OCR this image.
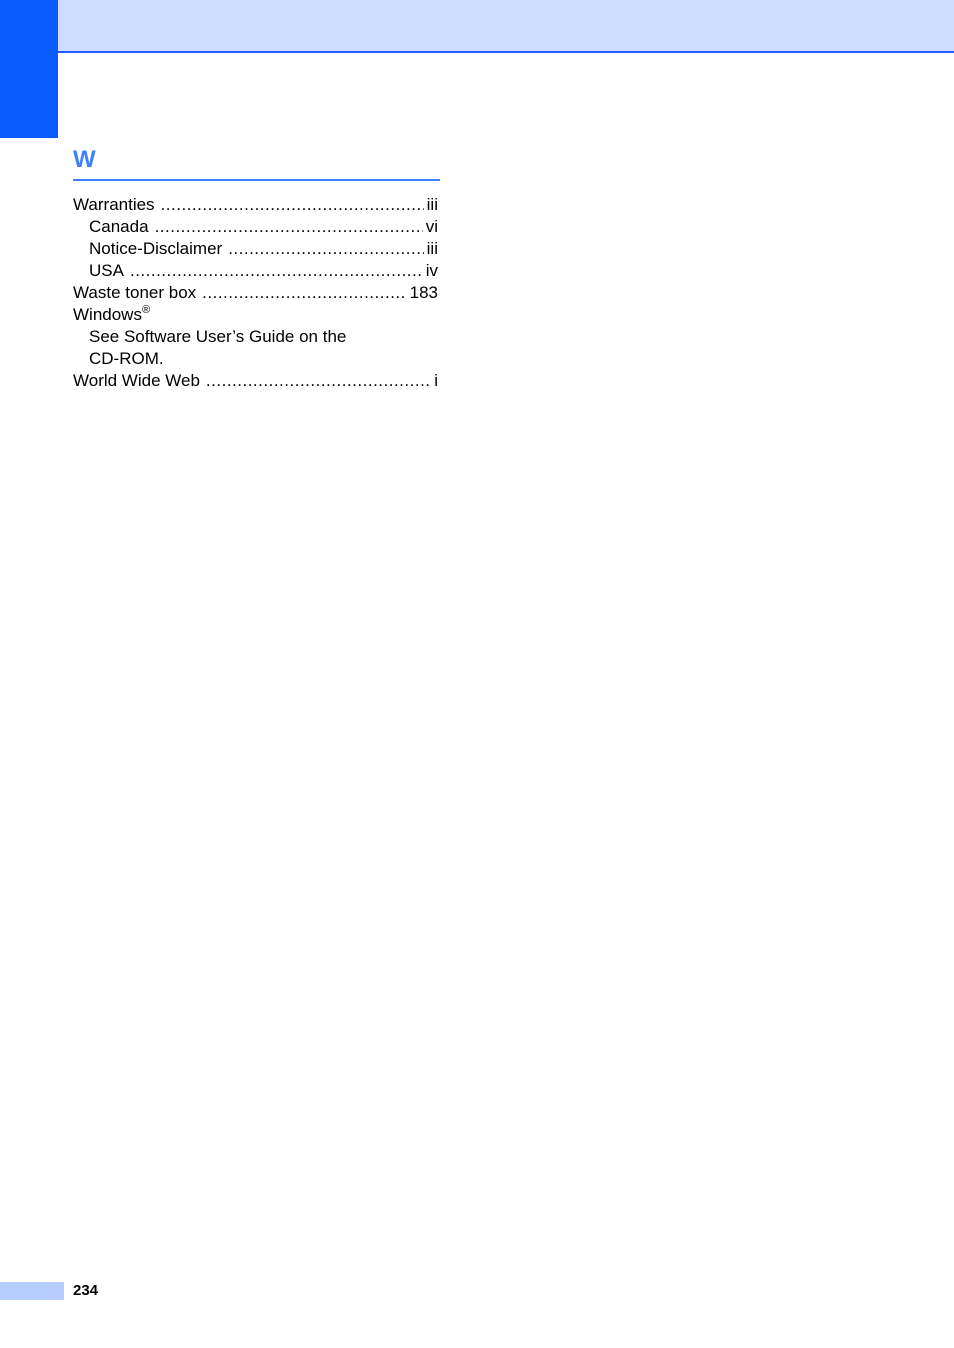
W
Warranties .....	iii
Canada .....	vi
Notice-Disclaimer .....	iii
USA .....	iv
Waste toner box .....	183
Windows®
See Software User’s Guide on the
CD-ROM.
World Wide Web .....	i
234
